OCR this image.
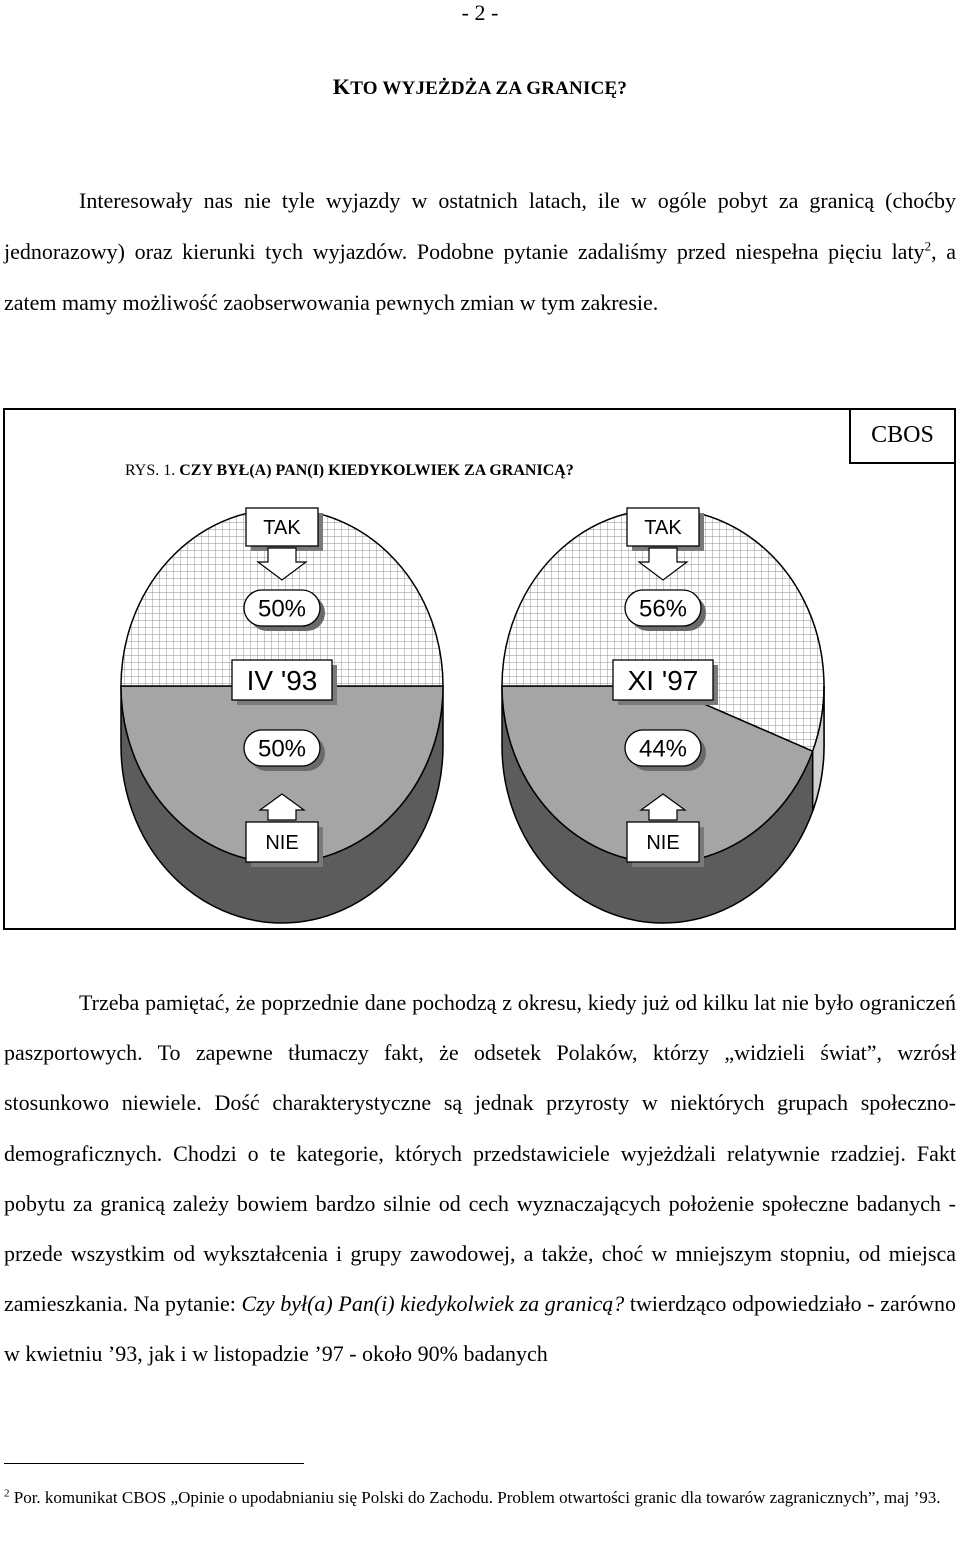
- 2 -
KTO WYJEŻDŻA ZA GRANICĘ?
Interesowały nas nie tyle wyjazdy w ostatnich latach, ile w ogóle pobyt za granicą (choćby jednorazowy) oraz kierunki tych wyjazdów. Podobne pytanie zadaliśmy przed niespełna pięciu laty$^2$, a zatem mamy możliwość zaobserwowania pewnych zmian w tym zakresie.
CBOS
RYS. 1. CZY BYŁ(A) PAN(I) KIEDYKOLWIEK ZA GRANICĄ?
TAK
50%
IV '93
50%
NIE
TAK
56%
XI '97
44%
NIE
Trzeba pamiętać, że poprzednie dane pochodzą z okresu, kiedy już od kilku lat nie było ograniczeń paszportowych. To zapewne tłumaczy fakt, że odsetek Polaków, którzy „widzieli świat”, wzrósł stosunkowo niewiele. Dość charakterystyczne są jednak przyrosty w niektórych grupach społeczno-demograficznych. Chodzi o te kategorie, których przedstawiciele wyjeżdżali relatywnie rzadziej. Fakt pobytu za granicą zależy bowiem bardzo silnie od cech wyznaczających położenie społeczne badanych - przede wszystkim od wykształcenia i grupy zawodowej, a także, choć w mniejszym stopniu, od miejsca zamieszkania. Na pytanie: Czy był(a) Pan(i) kiedykolwiek za granicą? twierdząco odpowiedziało - zarówno w kwietniu ’93, jak i w listopadzie ’97 - około 90% badanych
$^2$ Por. komunikat CBOS „Opinie o upodabnianiu się Polski do Zachodu. Problem otwartości granic dla towarów zagranicznych”, maj ’93.
